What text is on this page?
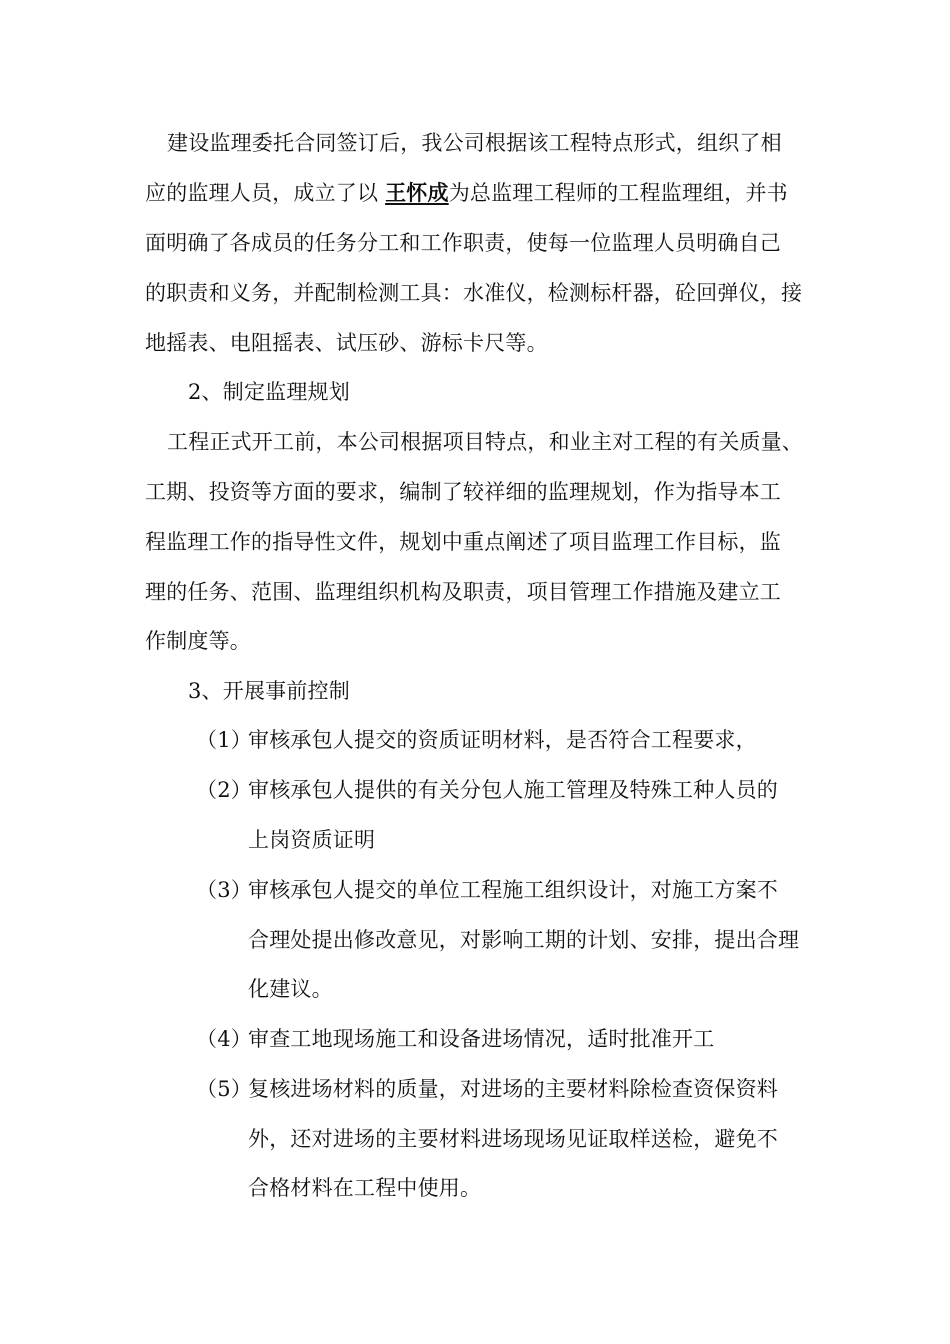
建设监理委托合同签订后，我公司根据该工程特点形式，组织了相
应的监理人员，成立了以 王怀成为总监理工程师的工程监理组，并书
面明确了各成员的任务分工和工作职责，使每一位监理人员明确自己
的职责和义务，并配制检测工具：水准仪，检测标杆器，砼回弹仪，接
地摇表、电阻摇表、试压砂、游标卡尺等。
2、制定监理规划
工程正式开工前，本公司根据项目特点，和业主对工程的有关质量、
工期、投资等方面的要求，编制了较祥细的监理规划，作为指导本工
程监理工作的指导性文件，规划中重点阐述了项目监理工作目标，监
理的任务、范围、监理组织机构及职责，项目管理工作措施及建立工
作制度等。
3、开展事前控制
（1）审核承包人提交的资质证明材料，是否符合工程要求，
（2）审核承包人提供的有关分包人施工管理及特殊工种人员的
上岗资质证明
（3）审核承包人提交的单位工程施工组织设计，对施工方案不
合理处提出修改意见，对影响工期的计划、安排，提出合理
化建议。
（4）审查工地现场施工和设备进场情况，适时批准开工
（5）复核进场材料的质量，对进场的主要材料除检查资保资料
外，还对进场的主要材料进场现场见证取样送检，避免不
合格材料在工程中使用。
